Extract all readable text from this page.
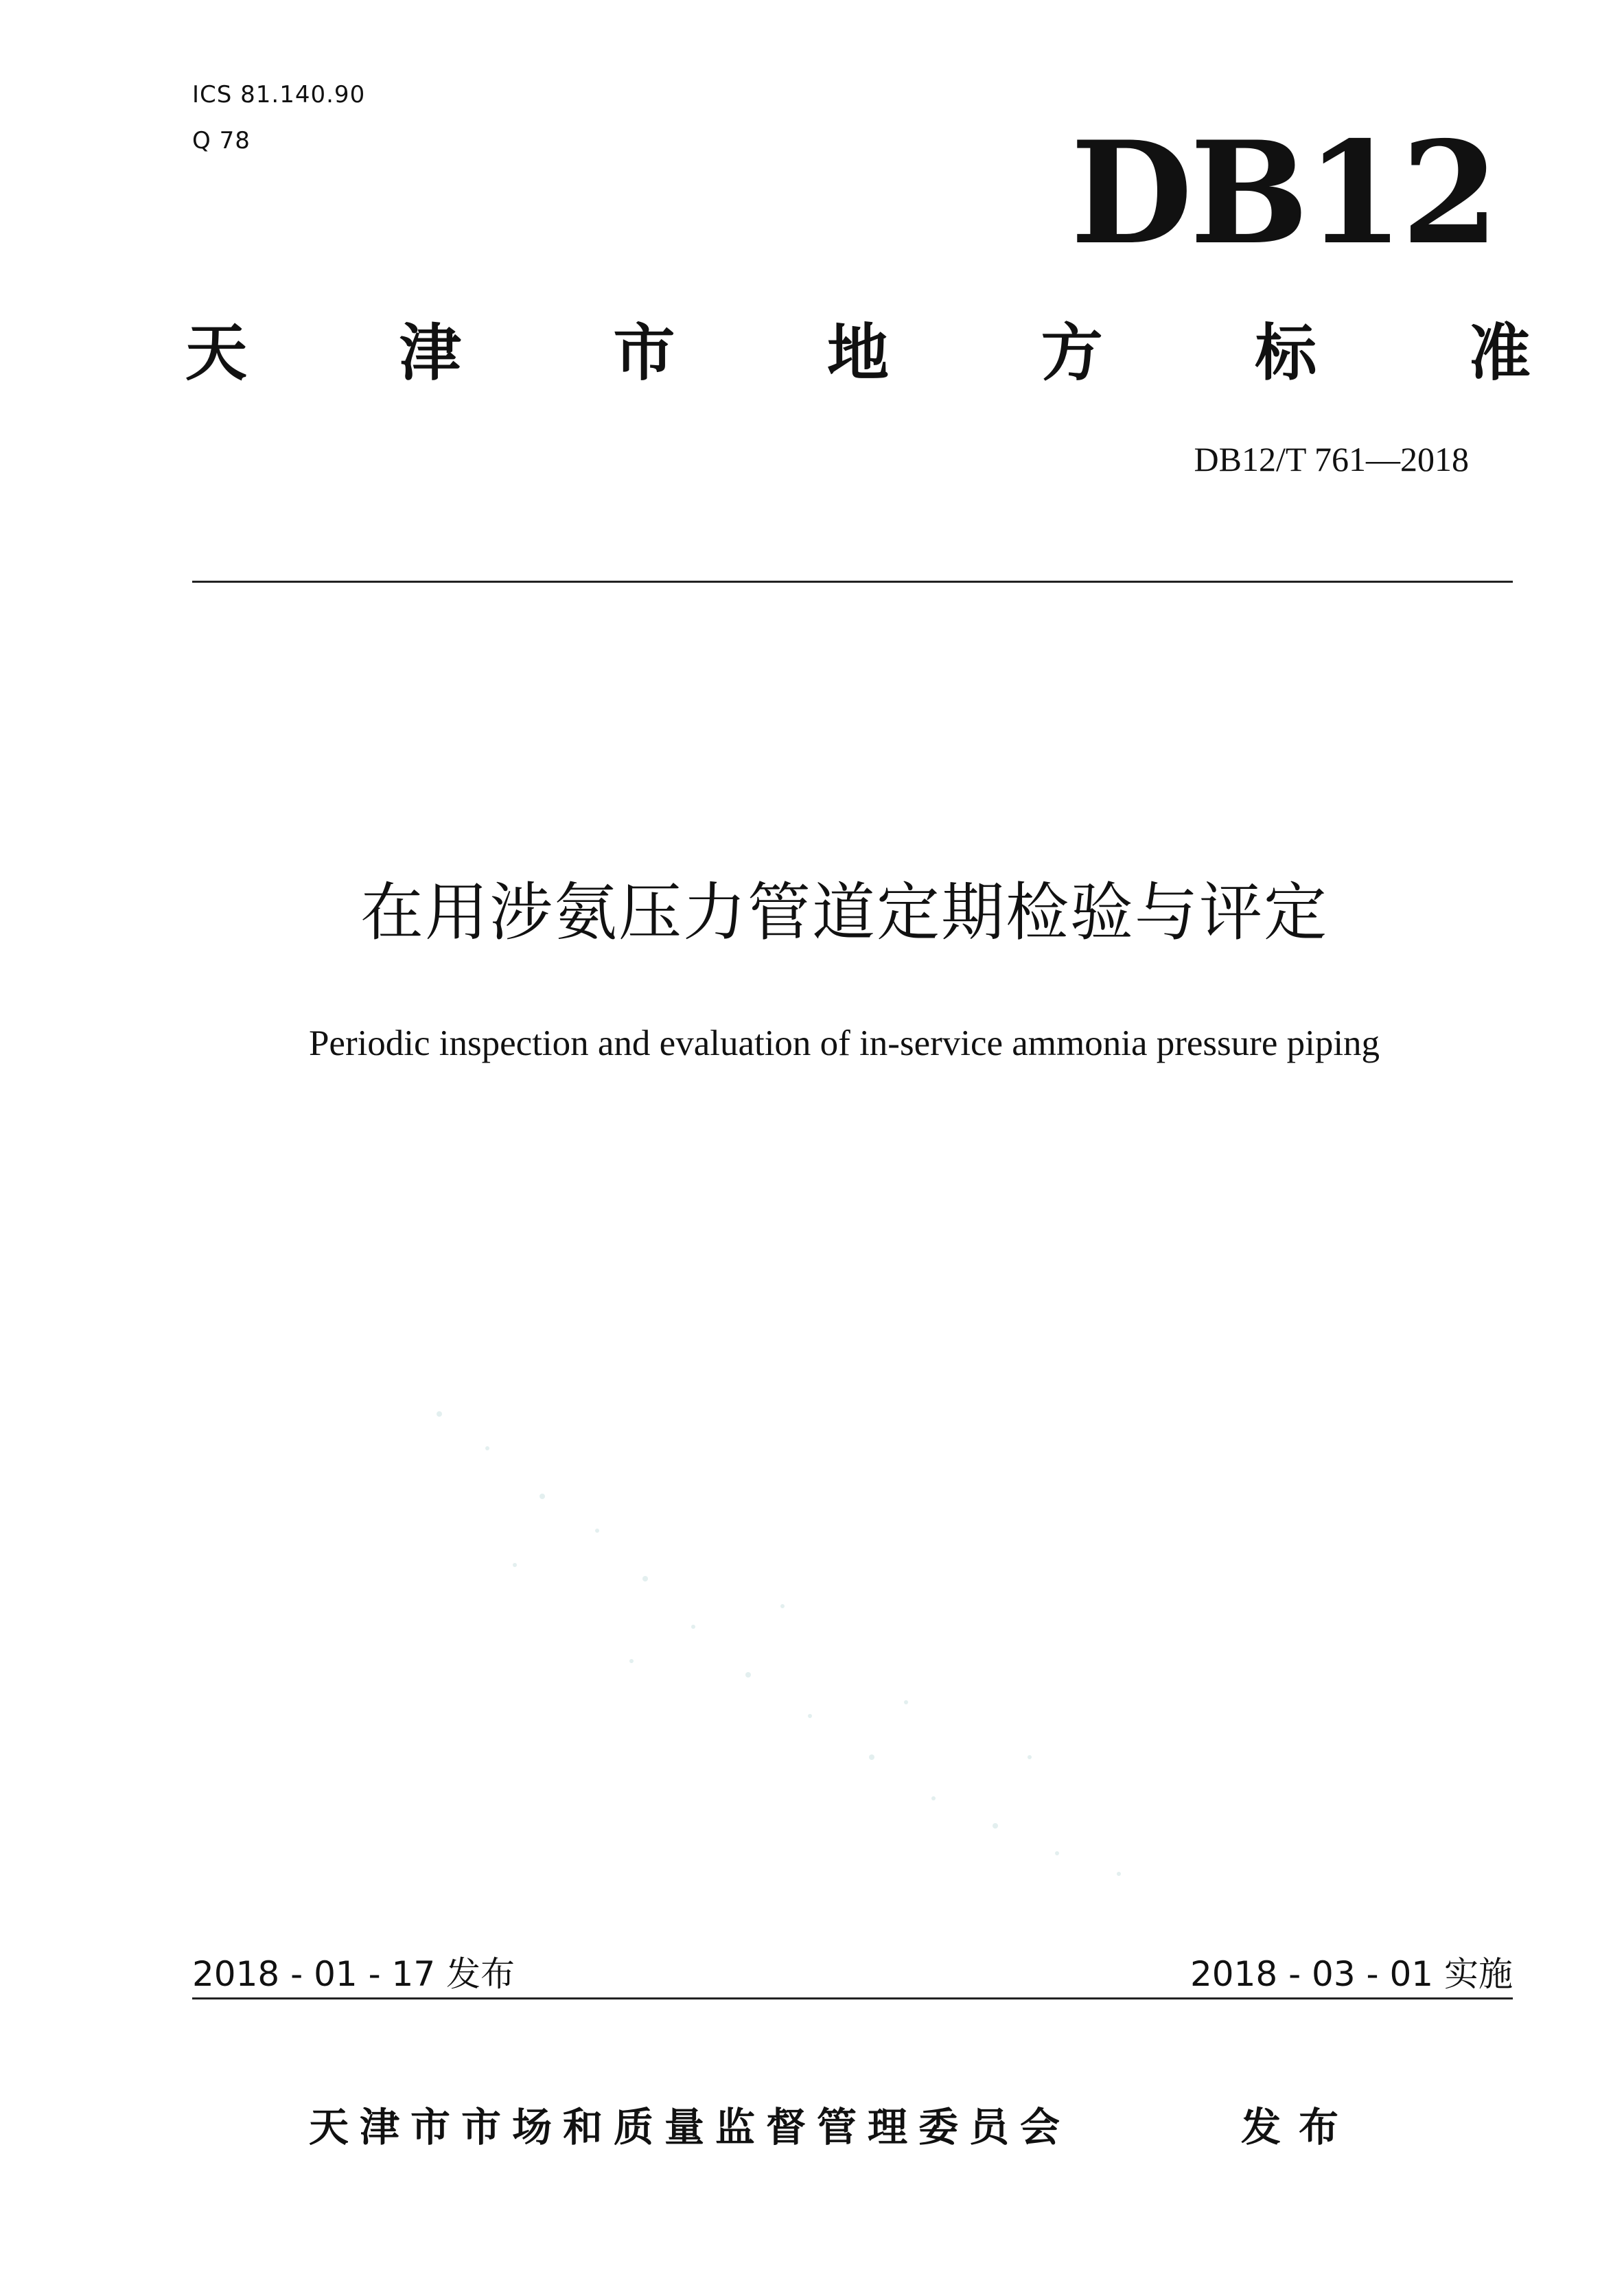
ICS 81.140.90
Q 78	DB12
天 津 市 地 方 标 准
DB12/T 761—2018
在用涉氨压力管道定期检验与评定
Periodic inspection and evaluation of in-service ammonia pressure piping
2018 - 01 - 17 发布	2018 - 03 - 01 实施
天津市市场和质量监督管理委员会	发布
